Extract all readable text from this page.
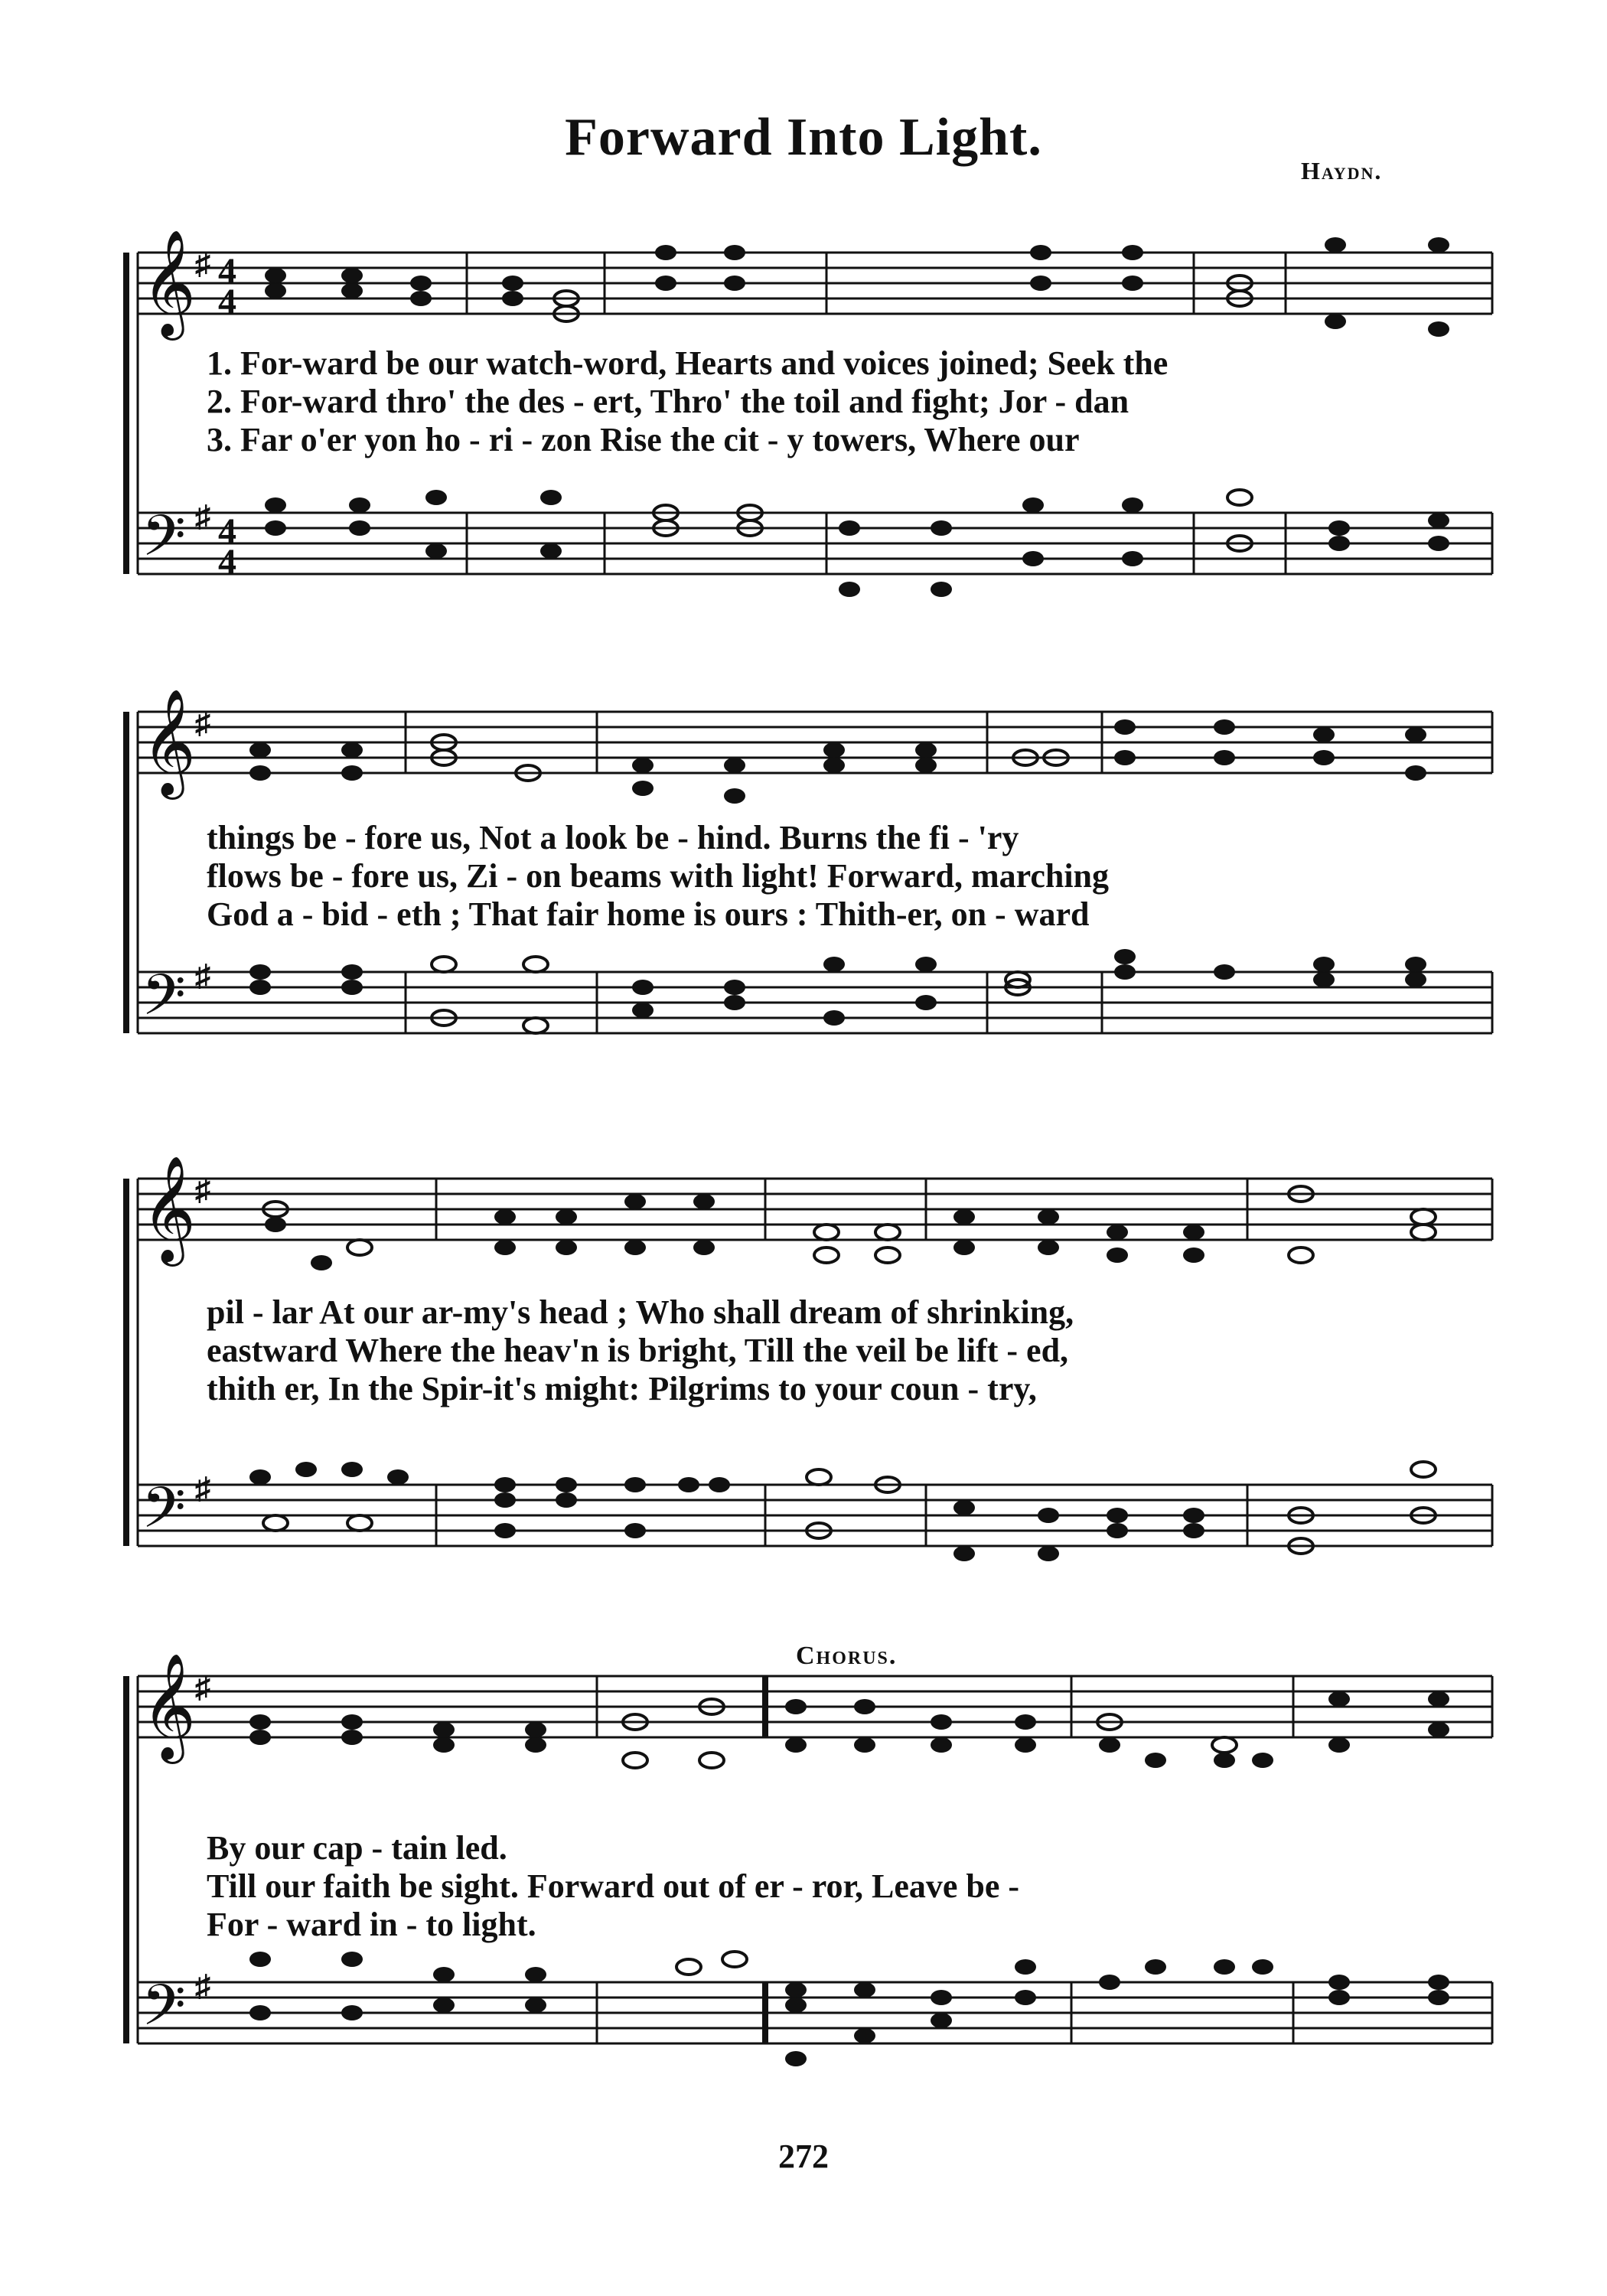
Forward Into Light.
Haydn.
𝄞
𝄢
♯
♯
4
4
4
4
1. For-ward be our watch-word, Hearts and voices joined; Seek the
2. For-ward thro' the des - ert, Thro' the toil and fight; Jor - dan
3. Far o'er yon ho - ri - zon Rise the cit - y towers, Where our
𝄞
𝄢
♯
♯
things be - fore us, Not a look be - hind. Burns the fi - 'ry
flows be - fore us, Zi - on beams with light! Forward, marching
God a - bid - eth ; That fair home is ours : Thith-er, on - ward
𝄞
𝄢
♯
♯
pil - lar At our ar-my's head ; Who shall dream of shrinking,
eastward Where the heav'n is bright, Till the veil be lift - ed,
thith er, In the Spir-it's might: Pilgrims to your coun - try,
Chorus.
𝄞
𝄢
♯
♯
By our cap - tain led.
Till our faith be sight. Forward out of er - ror, Leave be -
For - ward in - to light.
272
